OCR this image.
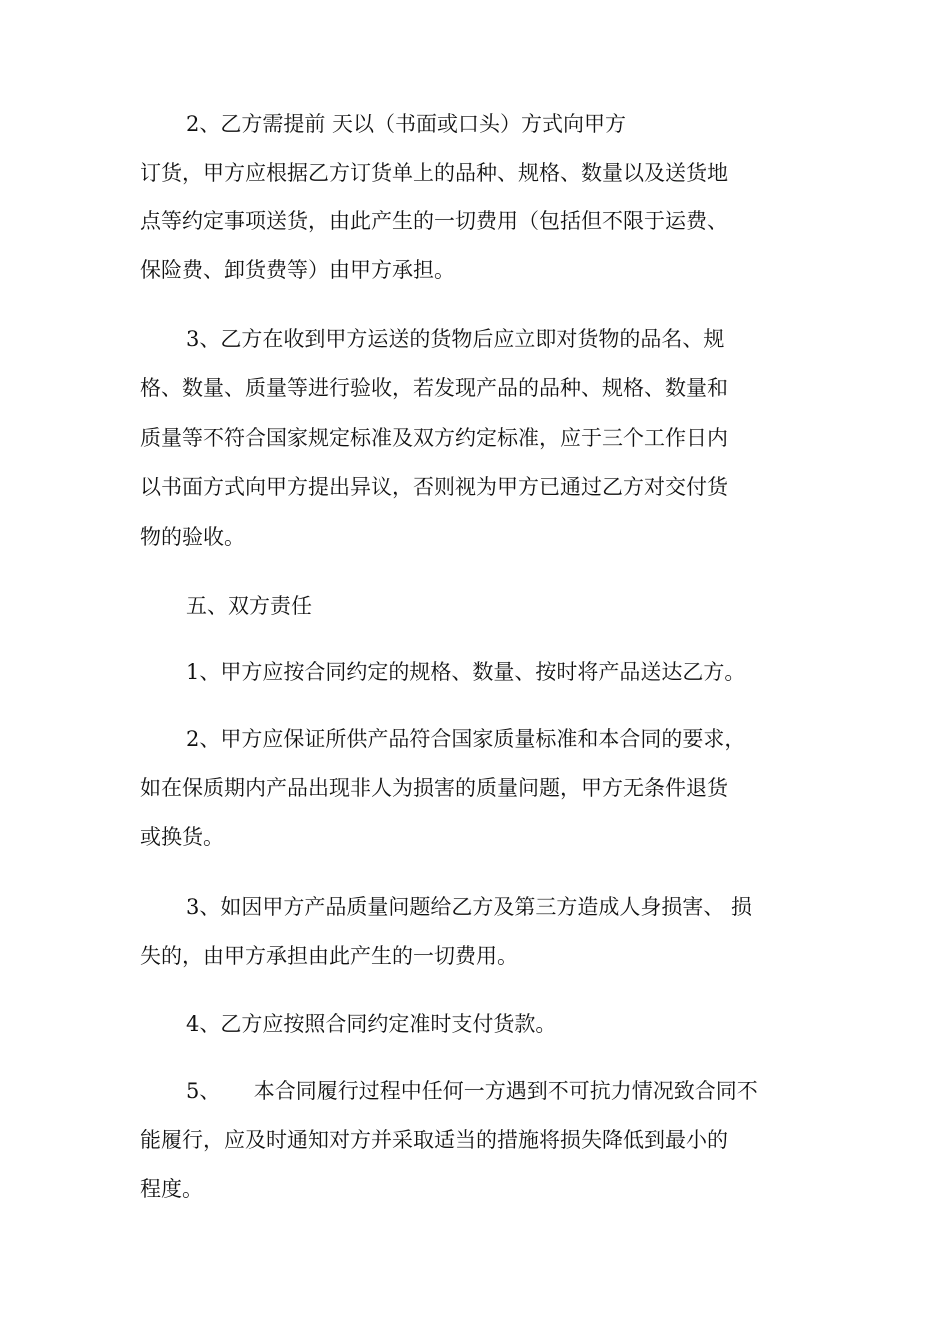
2、乙方需提前 天以（书面或口头）方式向甲方

订货，甲方应根据乙方订货单上的品种、规格、数量以及送货地

点等约定事项送货，由此产生的一切费用（包括但不限于运费、

保险费、卸货费等）由甲方承担。

3、乙方在收到甲方运送的货物后应立即对货物的品名、规

格、数量、质量等进行验收，若发现产品的品种、规格、数量和

质量等不符合国家规定标准及双方约定标准，应于三个工作日内

以书面方式向甲方提出异议，否则视为甲方已通过乙方对交付货

物的验收。

五、双方责任

1、甲方应按合同约定的规格、数量、按时将产品送达乙方。

2、甲方应保证所供产品符合国家质量标准和本合同的要求，

如在保质期内产品出现非人为损害的质量问题，甲方无条件退货

或换货。

3、如因甲方产品质量问题给乙方及第三方造成人身损害、 损

失的，由甲方承担由此产生的一切费用。

4、乙方应按照合同约定准时支付货款。

5、     本合同履行过程中任何一方遇到不可抗力情况致合同不

能履行，应及时通知对方并采取适当的措施将损失降低到最小的

程度。
